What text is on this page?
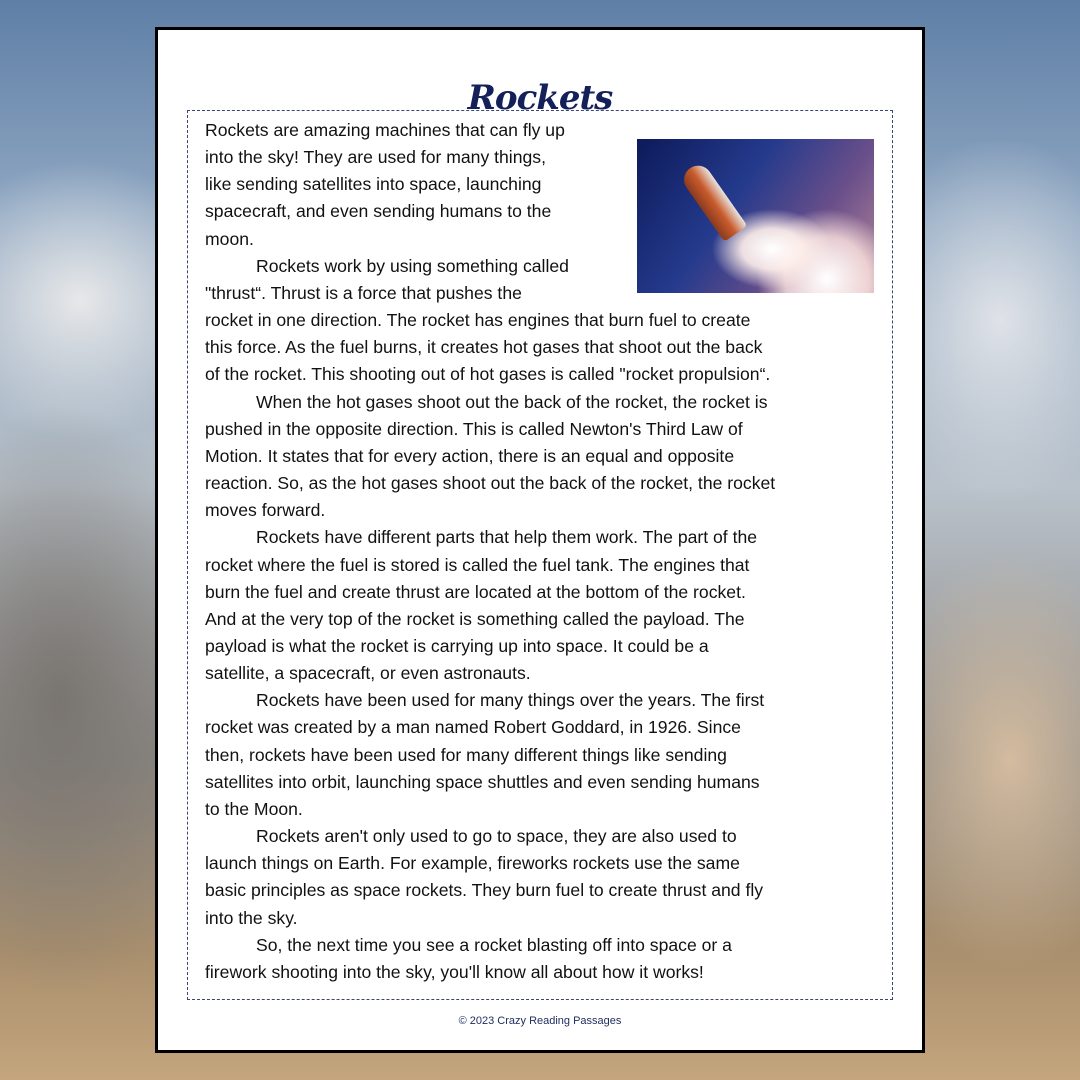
Rockets
Rockets are amazing machines that can fly up
into the sky! They are used for many things,
like sending satellites into space, launching
spacecraft, and even sending humans to the
moon.
Rockets work by using something called
"thrust“. Thrust is a force that pushes the
rocket in one direction. The rocket has engines that burn fuel to create
this force. As the fuel burns, it creates hot gases that shoot out the back
of the rocket. This shooting out of hot gases is called "rocket propulsion“.
When the hot gases shoot out the back of the rocket, the rocket is
pushed in the opposite direction. This is called Newton's Third Law of
Motion. It states that for every action, there is an equal and opposite
reaction. So, as the hot gases shoot out the back of the rocket, the rocket
moves forward.
Rockets have different parts that help them work. The part of the
rocket where the fuel is stored is called the fuel tank. The engines that
burn the fuel and create thrust are located at the bottom of the rocket.
And at the very top of the rocket is something called the payload. The
payload is what the rocket is carrying up into space. It could be a
satellite, a spacecraft, or even astronauts.
Rockets have been used for many things over the years. The first
rocket was created by a man named Robert Goddard, in 1926. Since
then, rockets have been used for many different things like sending
satellites into orbit, launching space shuttles and even sending humans
to the Moon.
Rockets aren't only used to go to space, they are also used to
launch things on Earth. For example, fireworks rockets use the same
basic principles as space rockets. They burn fuel to create thrust and fly
into the sky.
So, the next time you see a rocket blasting off into space or a
firework shooting into the sky, you'll know all about how it works!
© 2023 Crazy Reading Passages
